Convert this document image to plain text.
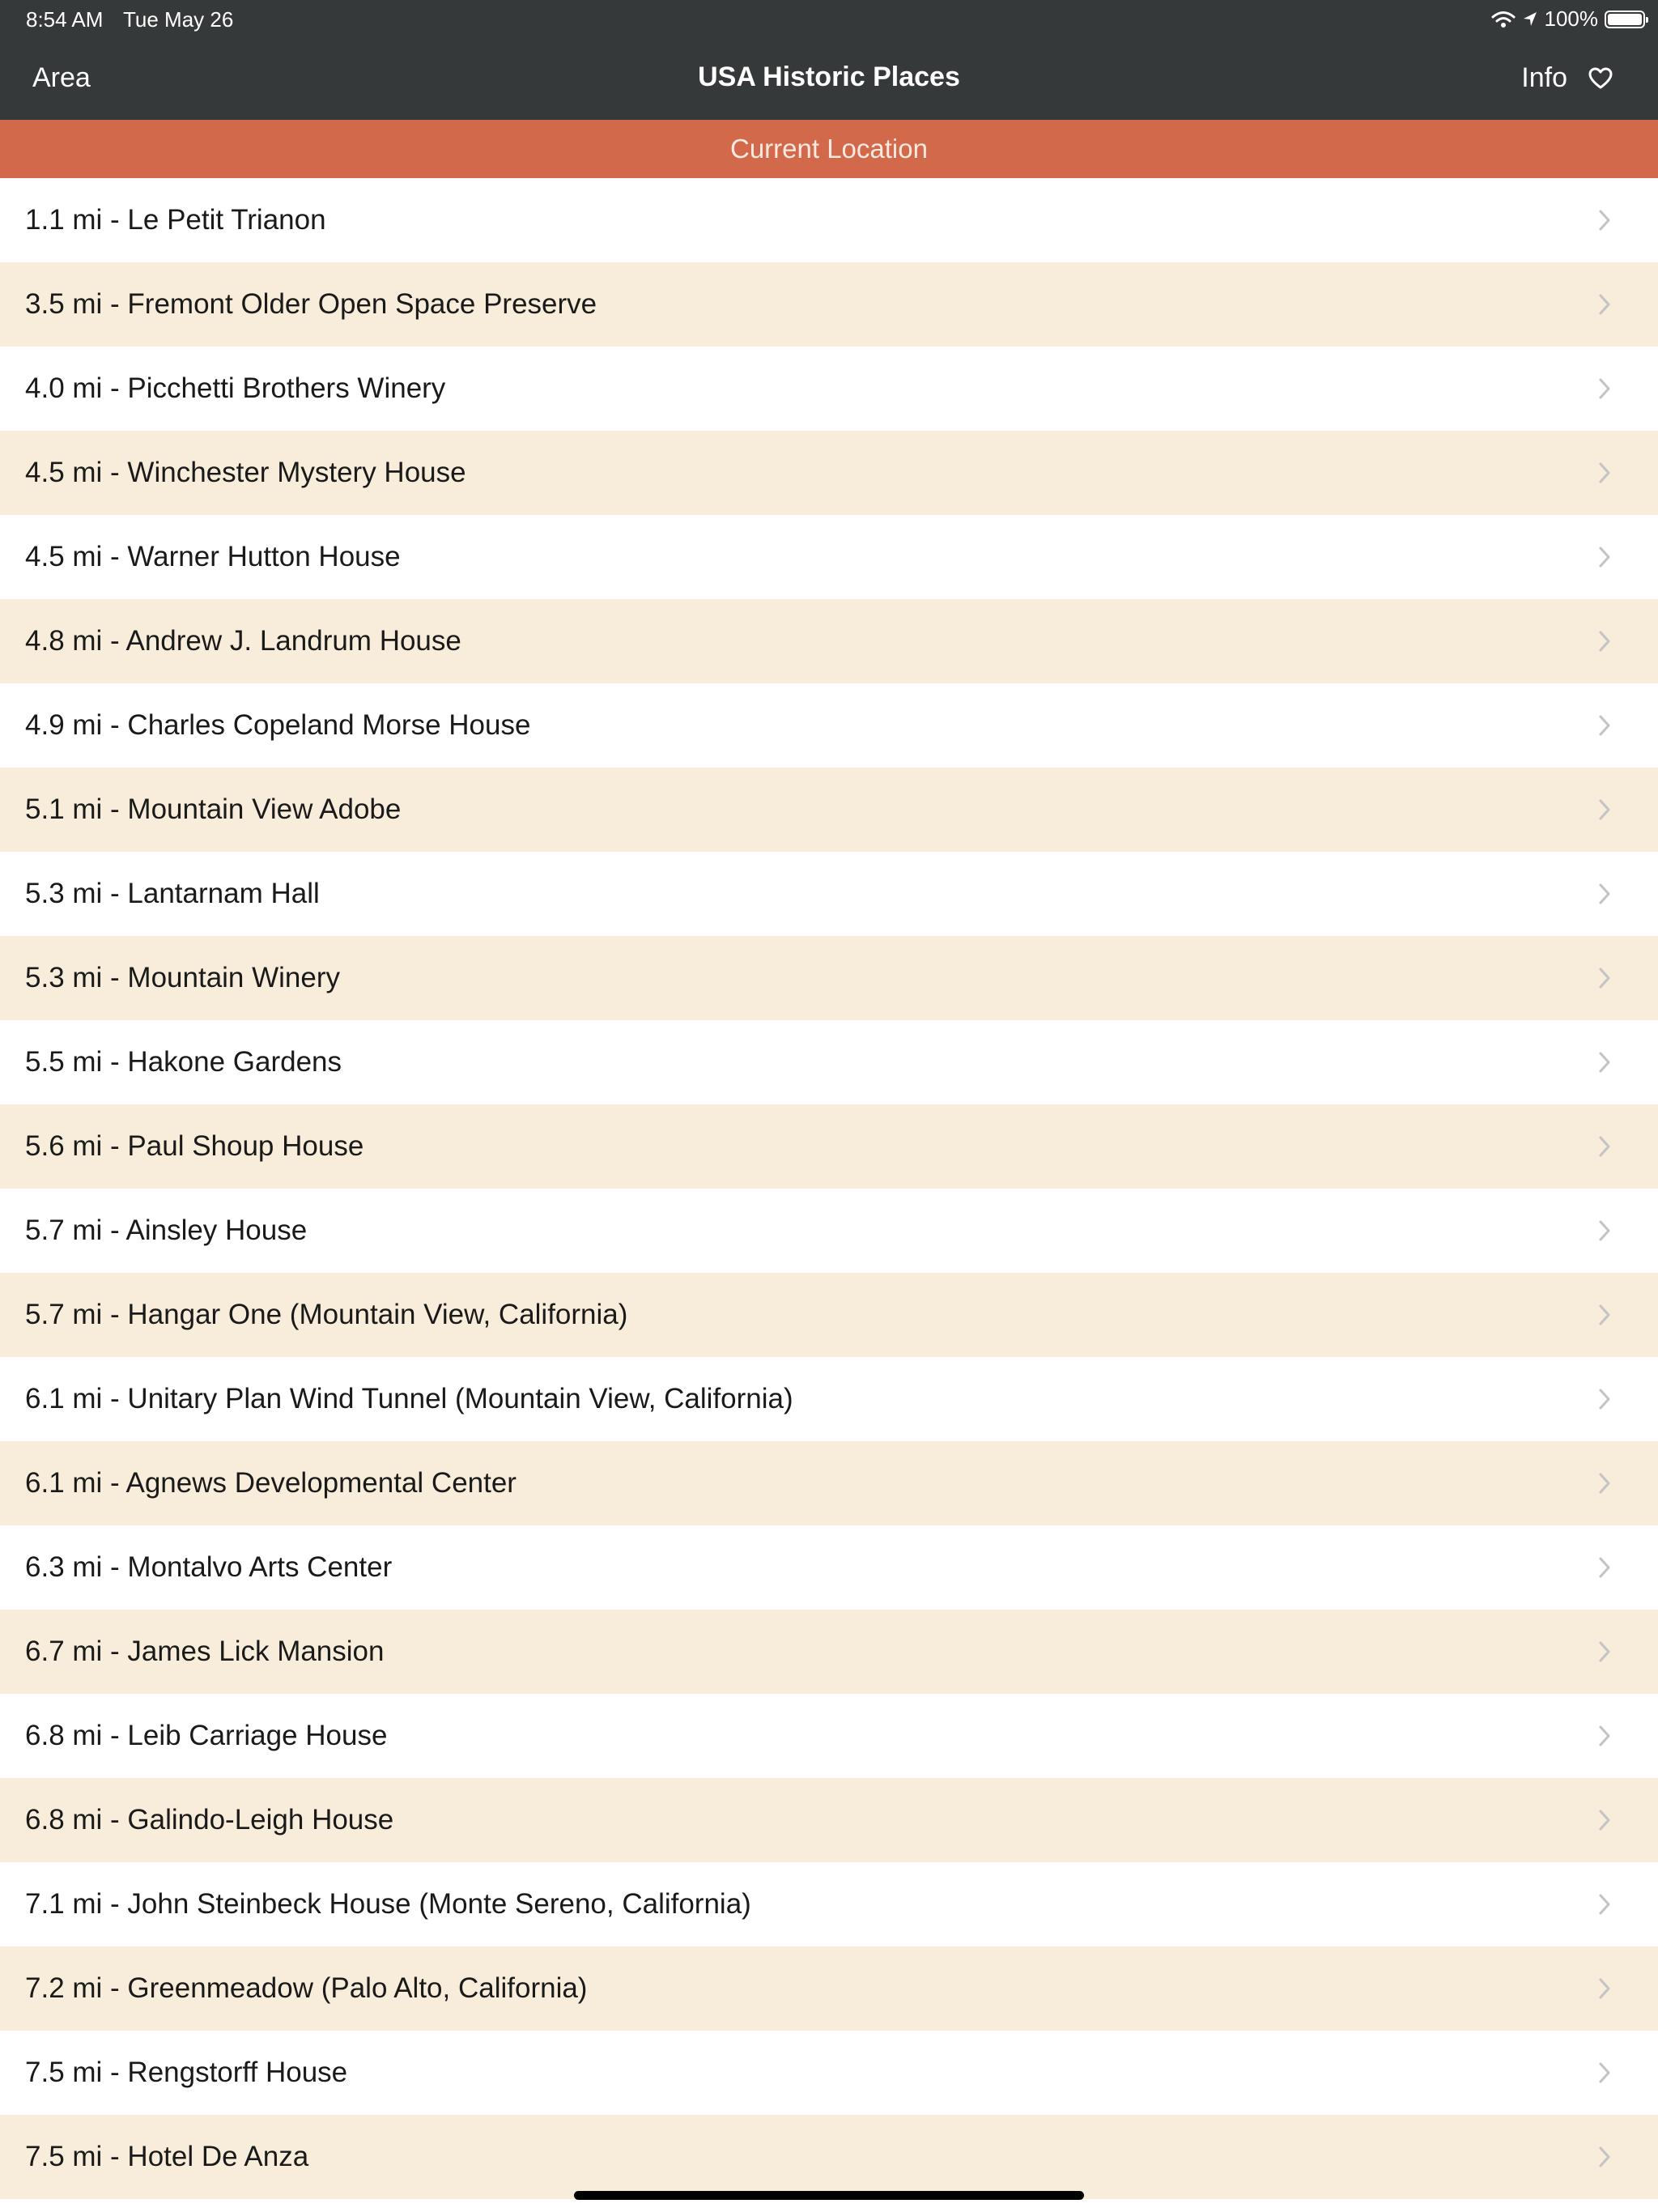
8:54 AM Tue May 26	100%
Area	USA Historic Places	Info
Current Location
1.1 mi - Le Petit Trianon
3.5 mi - Fremont Older Open Space Preserve
4.0 mi - Picchetti Brothers Winery
4.5 mi - Winchester Mystery House
4.5 mi - Warner Hutton House
4.8 mi - Andrew J. Landrum House
4.9 mi - Charles Copeland Morse House
5.1 mi - Mountain View Adobe
5.3 mi - Lantarnam Hall
5.3 mi - Mountain Winery
5.5 mi - Hakone Gardens
5.6 mi - Paul Shoup House
5.7 mi - Ainsley House
5.7 mi - Hangar One (Mountain View, California)
6.1 mi - Unitary Plan Wind Tunnel (Mountain View, California)
6.1 mi - Agnews Developmental Center
6.3 mi - Montalvo Arts Center
6.7 mi - James Lick Mansion
6.8 mi - Leib Carriage House
6.8 mi - Galindo-Leigh House
7.1 mi - John Steinbeck House (Monte Sereno, California)
7.2 mi - Greenmeadow (Palo Alto, California)
7.5 mi - Rengstorff House
7.5 mi - Hotel De Anza
